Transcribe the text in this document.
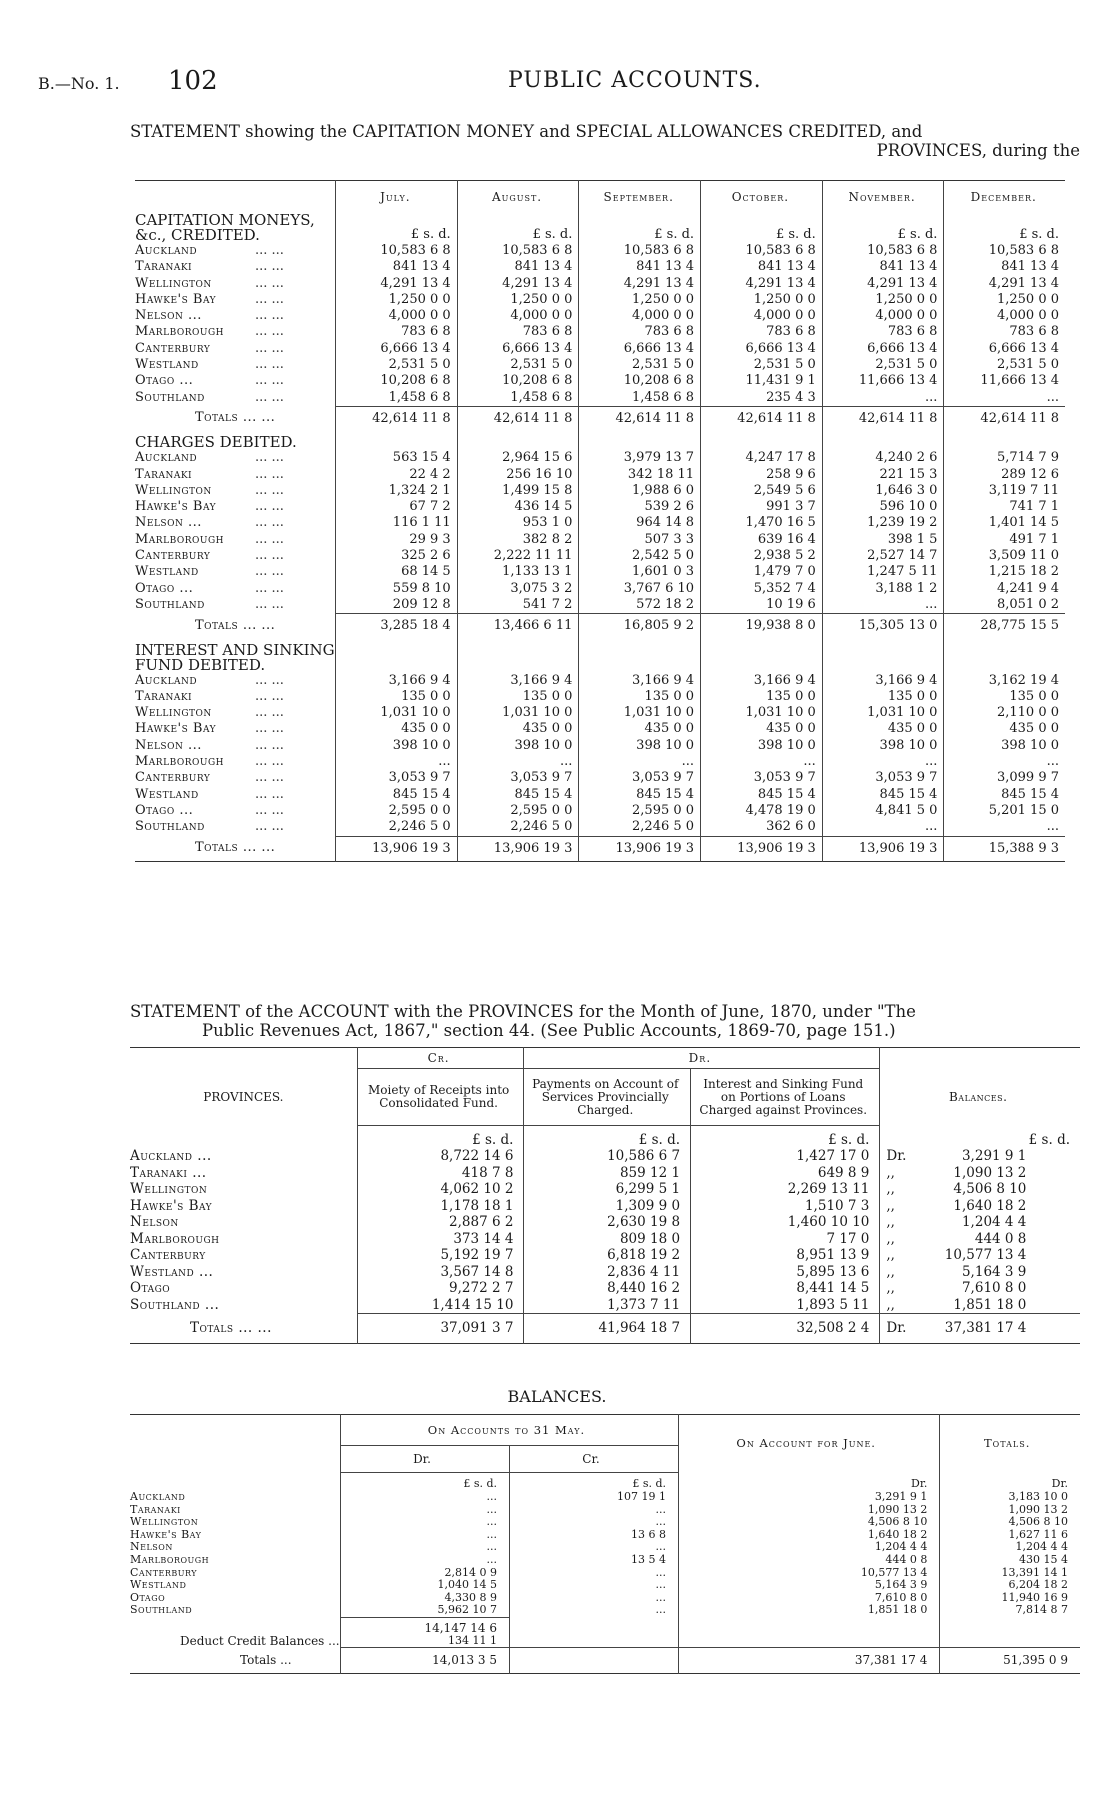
B.—No. 1. 102	PUBLIC ACCOUNTS.
STATEMENT showing the CAPITATION MONEY and SPECIAL ALLOWANCES CREDITED, and
PROVINCES, during the
	July.	August.	September.	October.	November.	December.
CAPITATION MONEYS, &c., CREDITED.	£ s. d.	£ s. d.	£ s. d.	£ s. d.	£ s. d.	£ s. d.
Auckland ... ...	10,583 6 8	10,583 6 8	10,583 6 8	10,583 6 8	10,583 6 8	10,583 6 8
Taranaki ... ...	841 13 4	841 13 4	841 13 4	841 13 4	841 13 4	841 13 4
Wellington ... ...	4,291 13 4	4,291 13 4	4,291 13 4	4,291 13 4	4,291 13 4	4,291 13 4
Hawke's Bay ... ...	1,250 0 0	1,250 0 0	1,250 0 0	1,250 0 0	1,250 0 0	1,250 0 0
Nelson ... ... ...	4,000 0 0	4,000 0 0	4,000 0 0	4,000 0 0	4,000 0 0	4,000 0 0
Marlborough ... ...	783 6 8	783 6 8	783 6 8	783 6 8	783 6 8	783 6 8
Canterbury ... ...	6,666 13 4	6,666 13 4	6,666 13 4	6,666 13 4	6,666 13 4	6,666 13 4
Westland ... ...	2,531 5 0	2,531 5 0	2,531 5 0	2,531 5 0	2,531 5 0	2,531 5 0
Otago ... ... ...	10,208 6 8	10,208 6 8	10,208 6 8	11,431 9 1	11,666 13 4	11,666 13 4
Southland ... ...	1,458 6 8	1,458 6 8	1,458 6 8	235 4 3	...	...
Totals ... ...	42,614 11 8	42,614 11 8	42,614 11 8	42,614 11 8	42,614 11 8	42,614 11 8
CHARGES DEBITED.						
Auckland ... ...	563 15 4	2,964 15 6	3,979 13 7	4,247 17 8	4,240 2 6	5,714 7 9
Taranaki ... ...	22 4 2	256 16 10	342 18 11	258 9 6	221 15 3	289 12 6
Wellington ... ...	1,324 2 1	1,499 15 8	1,988 6 0	2,549 5 6	1,646 3 0	3,119 7 11
Hawke's Bay ... ...	67 7 2	436 14 5	539 2 6	991 3 7	596 10 0	741 7 1
Nelson ... ... ...	116 1 11	953 1 0	964 14 8	1,470 16 5	1,239 19 2	1,401 14 5
Marlborough ... ...	29 9 3	382 8 2	507 3 3	639 16 4	398 1 5	491 7 1
Canterbury ... ...	325 2 6	2,222 11 11	2,542 5 0	2,938 5 2	2,527 14 7	3,509 11 0
Westland ... ...	68 14 5	1,133 13 1	1,601 0 3	1,479 7 0	1,247 5 11	1,215 18 2
Otago ... ... ...	559 8 10	3,075 3 2	3,767 6 10	5,352 7 4	3,188 1 2	4,241 9 4
Southland ... ...	209 12 8	541 7 2	572 18 2	10 19 6	...	8,051 0 2
Totals ... ...	3,285 18 4	13,466 6 11	16,805 9 2	19,938 8 0	15,305 13 0	28,775 15 5
INTEREST AND SINKING FUND DEBITED.						
Auckland ... ...	3,166 9 4	3,166 9 4	3,166 9 4	3,166 9 4	3,166 9 4	3,162 19 4
Taranaki ... ...	135 0 0	135 0 0	135 0 0	135 0 0	135 0 0	135 0 0
Wellington ... ...	1,031 10 0	1,031 10 0	1,031 10 0	1,031 10 0	1,031 10 0	2,110 0 0
Hawke's Bay ... ...	435 0 0	435 0 0	435 0 0	435 0 0	435 0 0	435 0 0
Nelson ... ... ...	398 10 0	398 10 0	398 10 0	398 10 0	398 10 0	398 10 0
Marlborough ... ...	...	...	...	...	...	...
Canterbury ... ...	3,053 9 7	3,053 9 7	3,053 9 7	3,053 9 7	3,053 9 7	3,099 9 7
Westland ... ...	845 15 4	845 15 4	845 15 4	845 15 4	845 15 4	845 15 4
Otago ... ... ...	2,595 0 0	2,595 0 0	2,595 0 0	4,478 19 0	4,841 5 0	5,201 15 0
Southland ... ...	2,246 5 0	2,246 5 0	2,246 5 0	362 6 0	...	...
Totals ... ...	13,906 19 3	13,906 19 3	13,906 19 3	13,906 19 3	13,906 19 3	15,388 9 3
STATEMENT of the ACCOUNT with the PROVINCES for the Month of June, 1870, under "The
Public Revenues Act, 1867," section 44. (See Public Accounts, 1869-70, page 151.)
	Cr.	Dr.		
PROVINCES.	Moiety of Receipts into Consolidated Fund.	Payments on Account of Services Provincially Charged.	Interest and Sinking Fund on Portions of Loans Charged against Provinces.	Balances.
	£ s. d.	£ s. d.	£ s. d.	£ s. d.
Auckland ...	8,722 14 6	10,586 6 7	1,427 17 0	Dr. 3,291 9 1
Taranaki ...	418 7 8	859 12 1	649 8 9	,, 1,090 13 2
Wellington	4,062 10 2	6,299 5 1	2,269 13 11	,, 4,506 8 10
Hawke's Bay	1,178 18 1	1,309 9 0	1,510 7 3	,, 1,640 18 2
Nelson	2,887 6 2	2,630 19 8	1,460 10 10	,, 1,204 4 4
Marlborough	373 14 4	809 18 0	7 17 0	,, 444 0 8
Canterbury	5,192 19 7	6,818 19 2	8,951 13 9	,, 10,577 13 4
Westland ...	3,567 14 8	2,836 4 11	5,895 13 6	,, 5,164 3 9
Otago	9,272 2 7	8,440 16 2	8,441 14 5	,, 7,610 8 0
Southland ...	1,414 15 10	1,373 7 11	1,893 5 11	,, 1,851 18 0
Totals ... ...	37,091 3 7	41,964 18 7	32,508 2 4	Dr. 37,381 17 4
BALANCES.
	On Accounts to 31 May.		On Account for June.	Totals.
	Dr.	Cr.		
	£ s. d.	£ s. d.	Dr.	Dr.
Auckland	...	107 19 1	3,291 9 1	3,183 10 0
Taranaki	...	...	1,090 13 2	1,090 13 2
Wellington	...	...	4,506 8 10	4,506 8 10
Hawke's Bay	...	13 6 8	1,640 18 2	1,627 11 6
Nelson	...	...	1,204 4 4	1,204 4 4
Marlborough	...	13 5 4	444 0 8	430 15 4
Canterbury	2,814 0 9	...	10,577 13 4	13,391 14 1
Westland	1,040 14 5	...	5,164 3 9	6,204 18 2
Otago	4,330 8 9	...	7,610 8 0	11,940 16 9
Southland	5,962 10 7	...	1,851 18 0	7,814 8 7
	14,147 14 6			
Deduct Credit Balances ...	134 11 1			
Totals ...	14,013 3 5		37,381 17 4	51,395 0 9
